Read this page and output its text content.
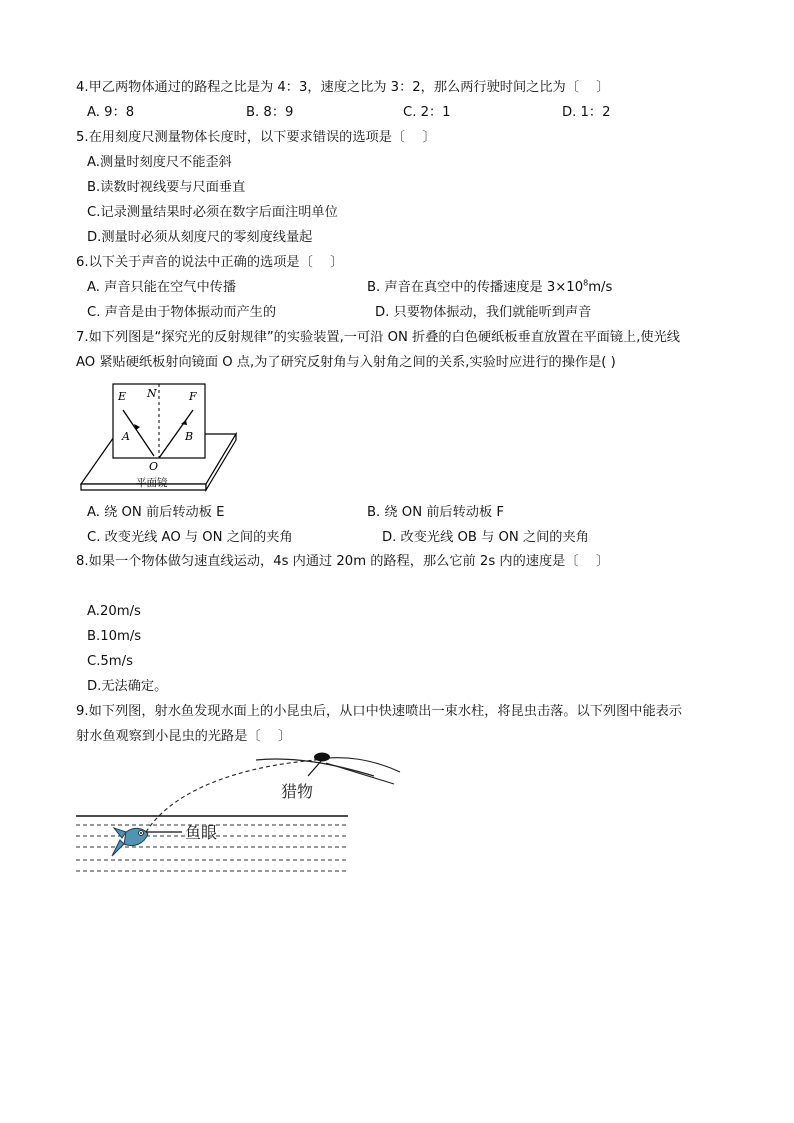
4.甲乙两物体通过的路程之比是为 4：3，速度之比为 3：2，那么两行驶时间之比为〔　 〕
A. 9：8	B. 8：9	C. 2：1	D. 1：2
5.在用刻度尺测量物体长度时，以下要求错误的选项是〔　 〕
A.测量时刻度尺不能歪斜
B.读数时视线要与尺面垂直
C.记录测量结果时必须在数字后面注明单位
D.测量时必须从刻度尺的零刻度线量起
6.以下关于声音的说法中正确的选项是〔　 〕
A. 声音只能在空气中传播	B. 声音在真空中的传播速度是 $3\times 10^8m/s$
C. 声音是由于物体振动而产生的	D. 只要物体振动，我们就能听到声音
7.如下列图是“探究光的反射规律”的实验装置,一可沿 ON 折叠的白色硬纸板垂直放置在平面镜上,使光线
AO 紧贴硬纸板射向镜面 O 点,为了研究反射角与入射角之间的关系,实验时应进行的操作是( )
E N	F
A	B
O
平面镜
A. 绕 ON 前后转动板 E	B. 绕 ON 前后转动板 F
C. 改变光线 AO 与 ON 之间的夹角	D. 改变光线 OB 与 ON 之间的夹角
8.如果一个物体做匀速直线运动，4s 内通过 20m 的路程，那么它前 2s 内的速度是〔　 〕
A.20m/s
B.10m/s
C.5m/s
D.无法确定。
9.如下列图，射水鱼发现水面上的小昆虫后，从口中快速喷出一束水柱，将昆虫击落。以下列图中能表示
射水鱼观察到小昆虫的光路是〔　 〕
猎物
鱼眼
